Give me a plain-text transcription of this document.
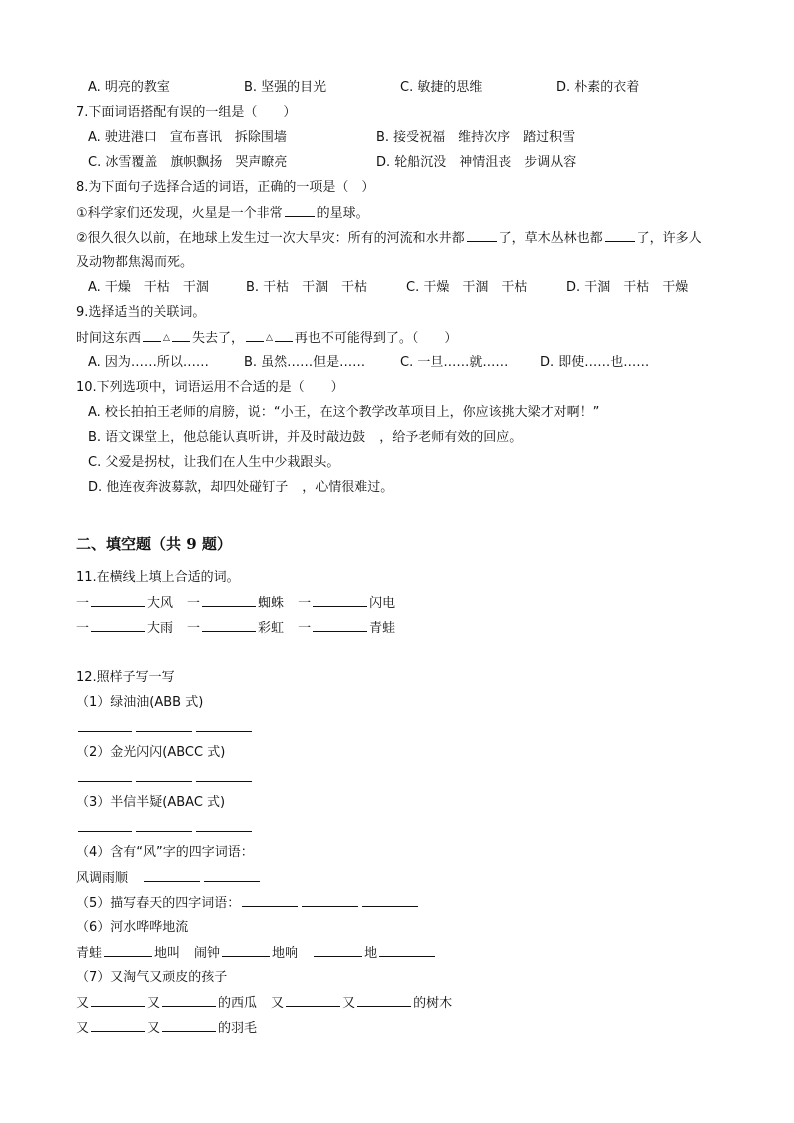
A. 明亮的教室	B. 坚强的目光	C. 敏捷的思维	D. 朴素的衣着
7.下面词语搭配有误的一组是（　　）
A. 驶进港口　宣布喜讯　拆除围墙	B. 接受祝福　维持次序　踏过积雪
C. 冰雪覆盖　旗帜飘扬　哭声瞭亮	D. 轮船沉没　神情沮丧　步调从容
8.为下面句子选择合适的词语，正确的一项是（　）
①科学家们还发现，火星是一个非常	的星球。
②很久很久以前，在地球上发生过一次大旱灾：所有的河流和水井都	了，草木丛林也都	了，许多人
及动物都焦渴而死。
A. 干燥　干枯　干涸	B. 干枯　干涸　干枯	C. 干燥　干涸　干枯	D. 干涸　干枯　干燥
9.选择适当的关联词。
时间这东西 △ 失去了， △ 再也不可能得到了。（　　）
A. 因为……所以……	B. 虽然……但是……	C. 一旦……就…… D. 即使……也……
10.下列选项中，词语运用不合适的是（　　）
A. 校长拍拍王老师的肩膀，说：“小王，在这个教学改革项目上，你应该挑大梁才对啊！”
B. 语文课堂上，他总能认真听讲，并及时敲边鼓 ，给予老师有效的回应。
C. 父爱是拐杖，让我们在人生中少栽跟头。
D. 他连夜奔波募款，却四处碰钉子 ，心情很难过。
二、填空题（共 9 题）
11.在横线上填上合适的词。
一	大风 一	蜘蛛 一	闪电
一	大雨 一	彩虹 一	青蛙
12.照样子写一写
（1）绿油油(ABB 式)
（2）金光闪闪(ABCC 式)
（3）半信半疑(ABAC 式)
（4）含有“风”字的四字词语：
风调雨顺
（5）描写春天的四字词语：
（6）河水哗哗地流
青蛙	地叫 闹钟	地响	地
（7）又淘气又顽皮的孩子
又	又	的西瓜 又	又	的树木
又	又	的羽毛
